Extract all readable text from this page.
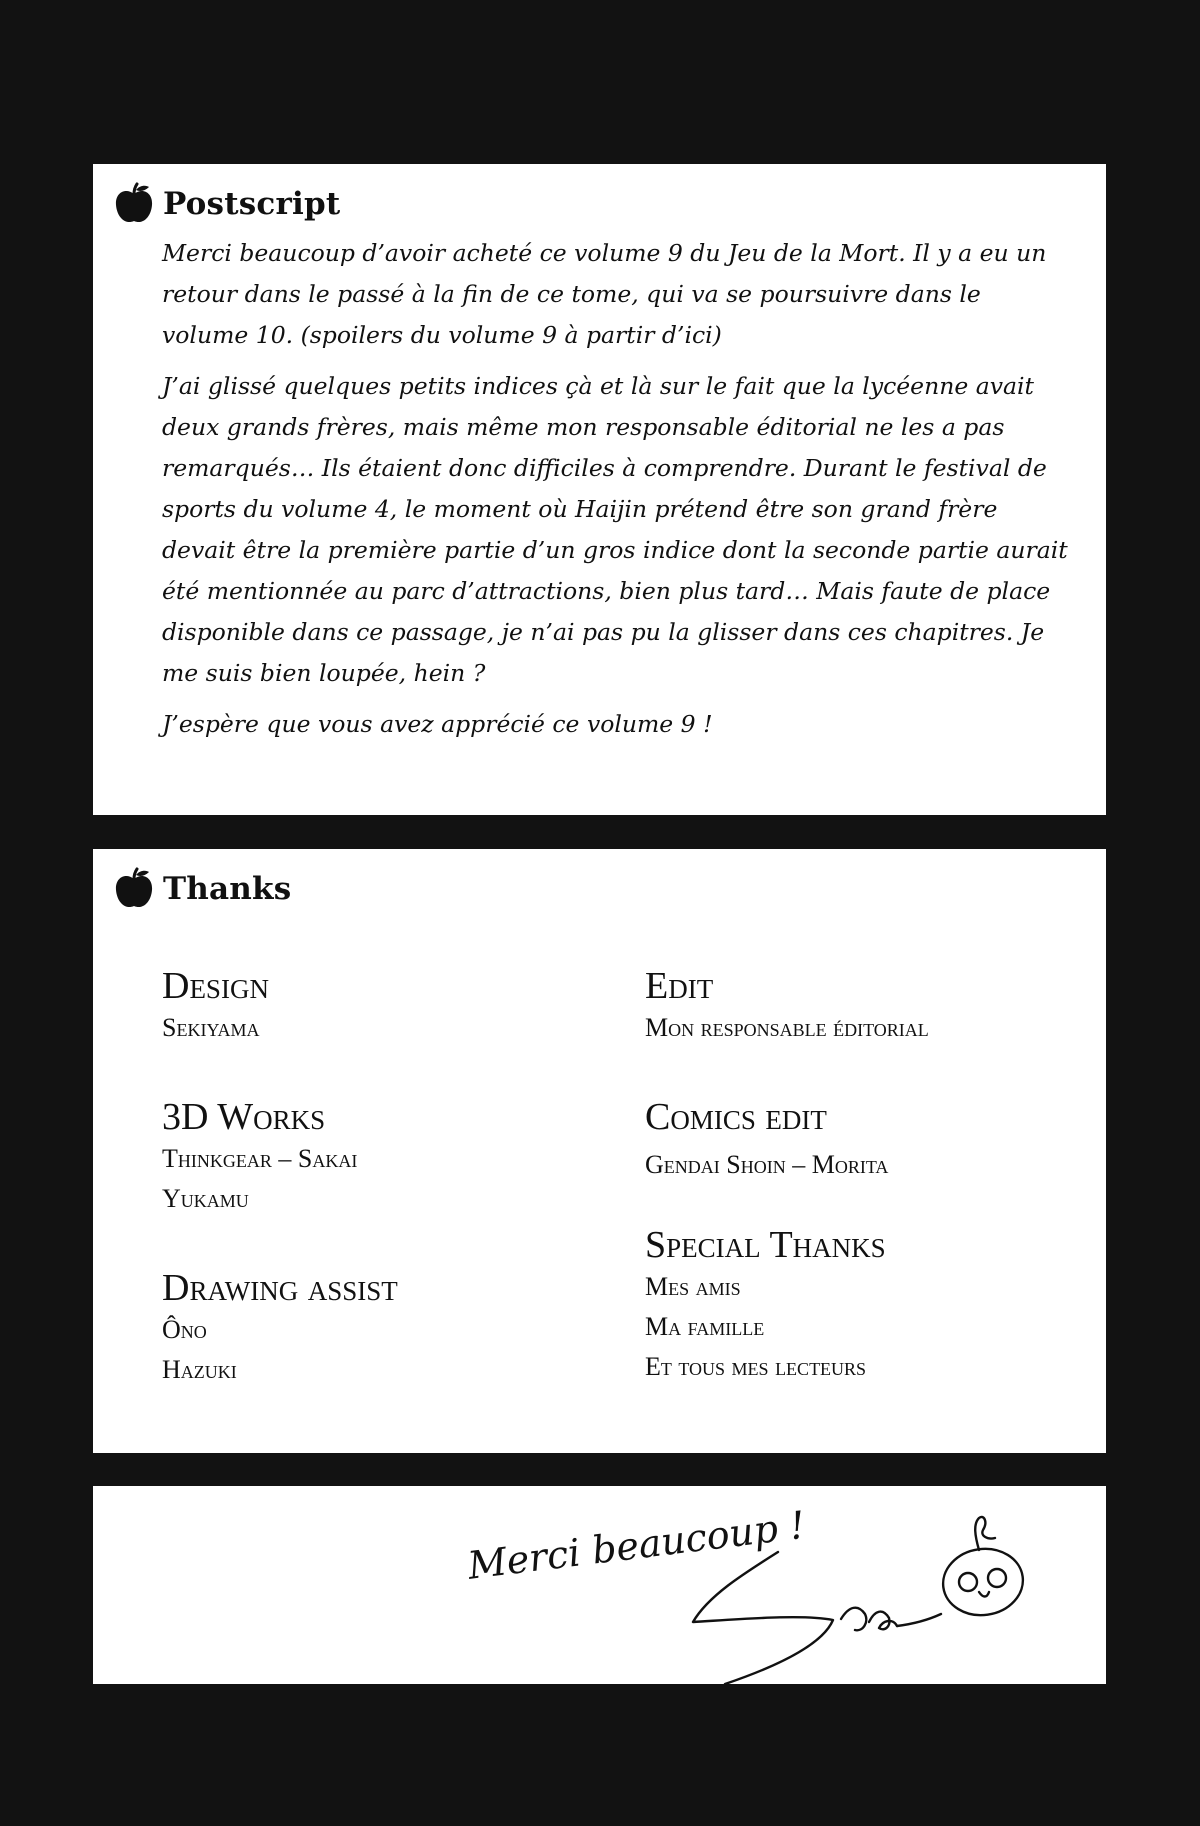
Postscript

Merci beaucoup d’avoir acheté ce volume 9 du Jeu de la Mort. Il y a eu un retour dans le passé à la fin de ce tome, qui va se poursuivre dans le volume 10. (spoilers du volume 9 à partir d’ici)

J’ai glissé quelques petits indices çà et là sur le fait que la lycéenne avait deux grands frères, mais même mon responsable éditorial ne les a pas remarqués… Ils étaient donc difficiles à comprendre. Durant le festival de sports du volume 4, le moment où Haijin prétend être son grand frère devait être la première partie d’un gros indice dont la seconde partie aurait été mentionnée au parc d’attractions, bien plus tard… Mais faute de place disponible dans ce passage, je n’ai pas pu la glisser dans ces chapitres. Je me suis bien loupée, hein ?

J’espère que vous avez apprécié ce volume 9 !

Thanks
Design
Sekiyama
3D Works
Thinkgear – Sakai
Yukamu
Drawing assist
Ôno
Hazuki
Edit
Mon responsable éditorial
Comics edit
Gendai Shoin – Morita
Special Thanks
Mes amis
Ma famille
Et tous mes lecteurs
Merci beaucoup !
